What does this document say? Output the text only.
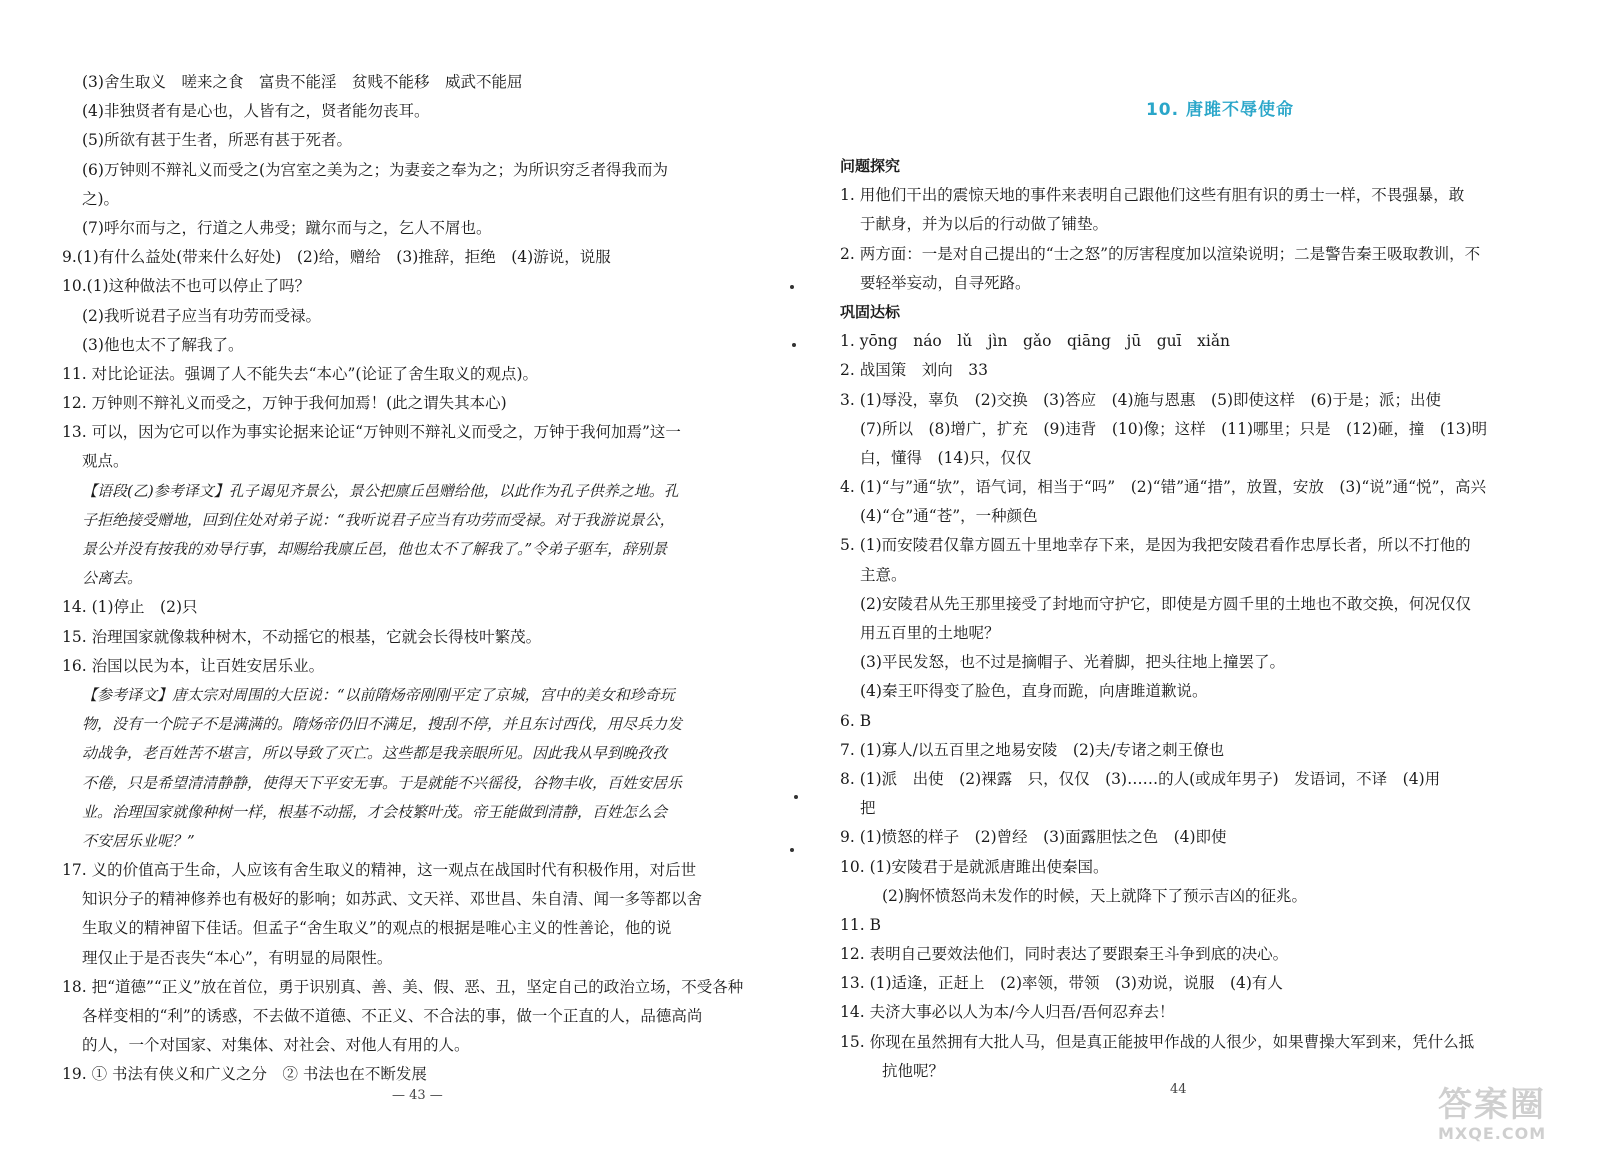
(3)舍生取义　嗟来之食　富贵不能淫　贫贱不能移　威武不能屈
(4)非独贤者有是心也，人皆有之，贤者能勿丧耳。
(5)所欲有甚于生者，所恶有甚于死者。
(6)万钟则不辩礼义而受之(为宫室之美为之；为妻妾之奉为之；为所识穷乏者得我而为
之)。
(7)呼尔而与之，行道之人弗受；蹴尔而与之，乞人不屑也。
9.(1)有什么益处(带来什么好处)　(2)给，赠给　(3)推辞，拒绝　(4)游说，说服
10.(1)这种做法不也可以停止了吗？
(2)我听说君子应当有功劳而受禄。
(3)他也太不了解我了。
11. 对比论证法。强调了人不能失去“本心”(论证了舍生取义的观点)。
12. 万钟则不辩礼义而受之，万钟于我何加焉！(此之谓失其本心)
13. 可以，因为它可以作为事实论据来论证“万钟则不辩礼义而受之，万钟于我何加焉”这一
观点。
【语段(乙)参考译文】孔子谒见齐景公，景公把廪丘邑赠给他，以此作为孔子供养之地。孔
子拒绝接受赠地，回到住处对弟子说：“我听说君子应当有功劳而受禄。对于我游说景公，
景公并没有按我的劝导行事，却赐给我廪丘邑，他也太不了解我了。”令弟子驱车，辞别景
公离去。
14. (1)停止　(2)只
15. 治理国家就像栽种树木，不动摇它的根基，它就会长得枝叶繁茂。
16. 治国以民为本，让百姓安居乐业。
【参考译文】唐太宗对周围的大臣说：“以前隋炀帝刚刚平定了京城，宫中的美女和珍奇玩
物，没有一个院子不是满满的。隋炀帝仍旧不满足，搜刮不停，并且东讨西伐，用尽兵力发
动战争，老百姓苦不堪言，所以导致了灭亡。这些都是我亲眼所见。因此我从早到晚孜孜
不倦，只是希望清清静静，使得天下平安无事。于是就能不兴徭役，谷物丰收，百姓安居乐
业。治理国家就像种树一样，根基不动摇，才会枝繁叶茂。帝王能做到清静，百姓怎么会
不安居乐业呢？”
17. 义的价值高于生命，人应该有舍生取义的精神，这一观点在战国时代有积极作用，对后世
知识分子的精神修养也有极好的影响；如苏武、文天祥、邓世昌、朱自清、闻一多等都以舍
生取义的精神留下佳话。但孟子“舍生取义”的观点的根据是唯心主义的性善论，他的说
理仅止于是否丧失“本心”，有明显的局限性。
18. 把“道德”“正义”放在首位，勇于识别真、善、美、假、恶、丑，坚定自己的政治立场，不受各种
各样变相的“利”的诱惑，不去做不道德、不正义、不合法的事，做一个正直的人，品德高尚
的人，一个对国家、对集体、对社会、对他人有用的人。
19. ① 书法有侠义和广义之分　② 书法也在不断发展
— 43 —
10. 唐雎不辱使命
问题探究
1. 用他们干出的震惊天地的事件来表明自己跟他们这些有胆有识的勇士一样，不畏强暴，敢
于献身，并为以后的行动做了铺垫。
2. 两方面：一是对自己提出的“士之怒”的厉害程度加以渲染说明；二是警告秦王吸取教训，不
要轻举妄动，自寻死路。
巩固达标
1. yōng　náo　lǔ　jìn　gǎo　qiāng　jū　guī　xiǎn
2. 战国策　刘向　33
3. (1)辱没，辜负　(2)交换　(3)答应　(4)施与恩惠　(5)即使这样　(6)于是；派；出使
(7)所以　(8)增广，扩充　(9)违背　(10)像；这样　(11)哪里；只是　(12)砸，撞　(13)明
白，懂得　(14)只，仅仅
4. (1)“与”通“欤”，语气词，相当于“吗”　(2)“错”通“措”，放置，安放　(3)“说”通“悦”，高兴
(4)“仓”通“苍”，一种颜色
5. (1)而安陵君仅靠方圆五十里地幸存下来，是因为我把安陵君看作忠厚长者，所以不打他的
主意。
(2)安陵君从先王那里接受了封地而守护它，即使是方圆千里的土地也不敢交换，何况仅仅
用五百里的土地呢？
(3)平民发怒，也不过是摘帽子、光着脚，把头往地上撞罢了。
(4)秦王吓得变了脸色，直身而跪，向唐雎道歉说。
6. B
7. (1)寡人/以五百里之地易安陵　(2)夫/专诸之刺王僚也
8. (1)派　出使　(2)裸露　只，仅仅　(3)……的人(或成年男子)　发语词，不译　(4)用
把
9. (1)愤怒的样子　(2)曾经　(3)面露胆怯之色　(4)即使
10. (1)安陵君于是就派唐雎出使秦国。
(2)胸怀愤怒尚未发作的时候，天上就降下了预示吉凶的征兆。
11. B
12. 表明自己要效法他们，同时表达了要跟秦王斗争到底的决心。
13. (1)适逢，正赶上　(2)率领，带领　(3)劝说，说服　(4)有人
14. 夫济大事必以人为本/今人归吾/吾何忍弃去！
15. 你现在虽然拥有大批人马，但是真正能披甲作战的人很少，如果曹操大军到来，凭什么抵
抗他呢？
44	答案圈
MXQE.COM
